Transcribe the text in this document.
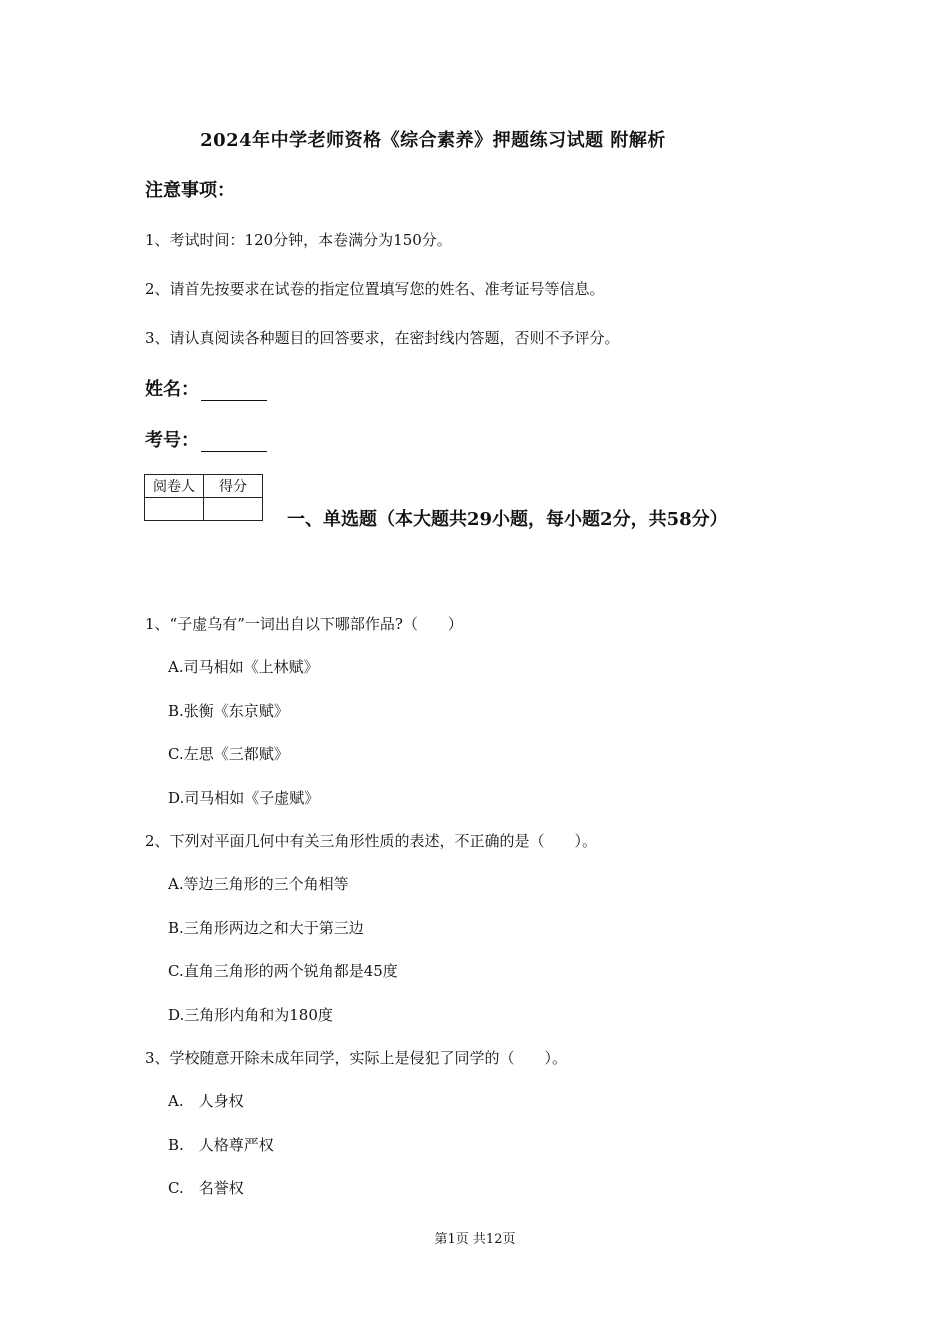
2024年中学老师资格《综合素养》押题练习试题 附解析
注意事项：
1、考试时间：120分钟，本卷满分为150分。
2、请首先按要求在试卷的指定位置填写您的姓名、准考证号等信息。
3、请认真阅读各种题目的回答要求，在密封线内答题，否则不予评分。
姓名：
考号：
阅卷人	得分

一、单选题（本大题共29小题，每小题2分，共58分）
1、“子虚乌有”一词出自以下哪部作品?（　　）
A.司马相如《上林赋》
B.张衡《东京赋》
C.左思《三都赋》
D.司马相如《子虚赋》
2、下列对平面几何中有关三角形性质的表述，不正确的是（　　）。
A.等边三角形的三个角相等
B.三角形两边之和大于第三边
C.直角三角形的两个锐角都是45度
D.三角形内角和为180度
3、学校随意开除未成年同学，实际上是侵犯了同学的（　　）。
A.　人身权
B.　人格尊严权
C.　名誉权
第1页 共12页
